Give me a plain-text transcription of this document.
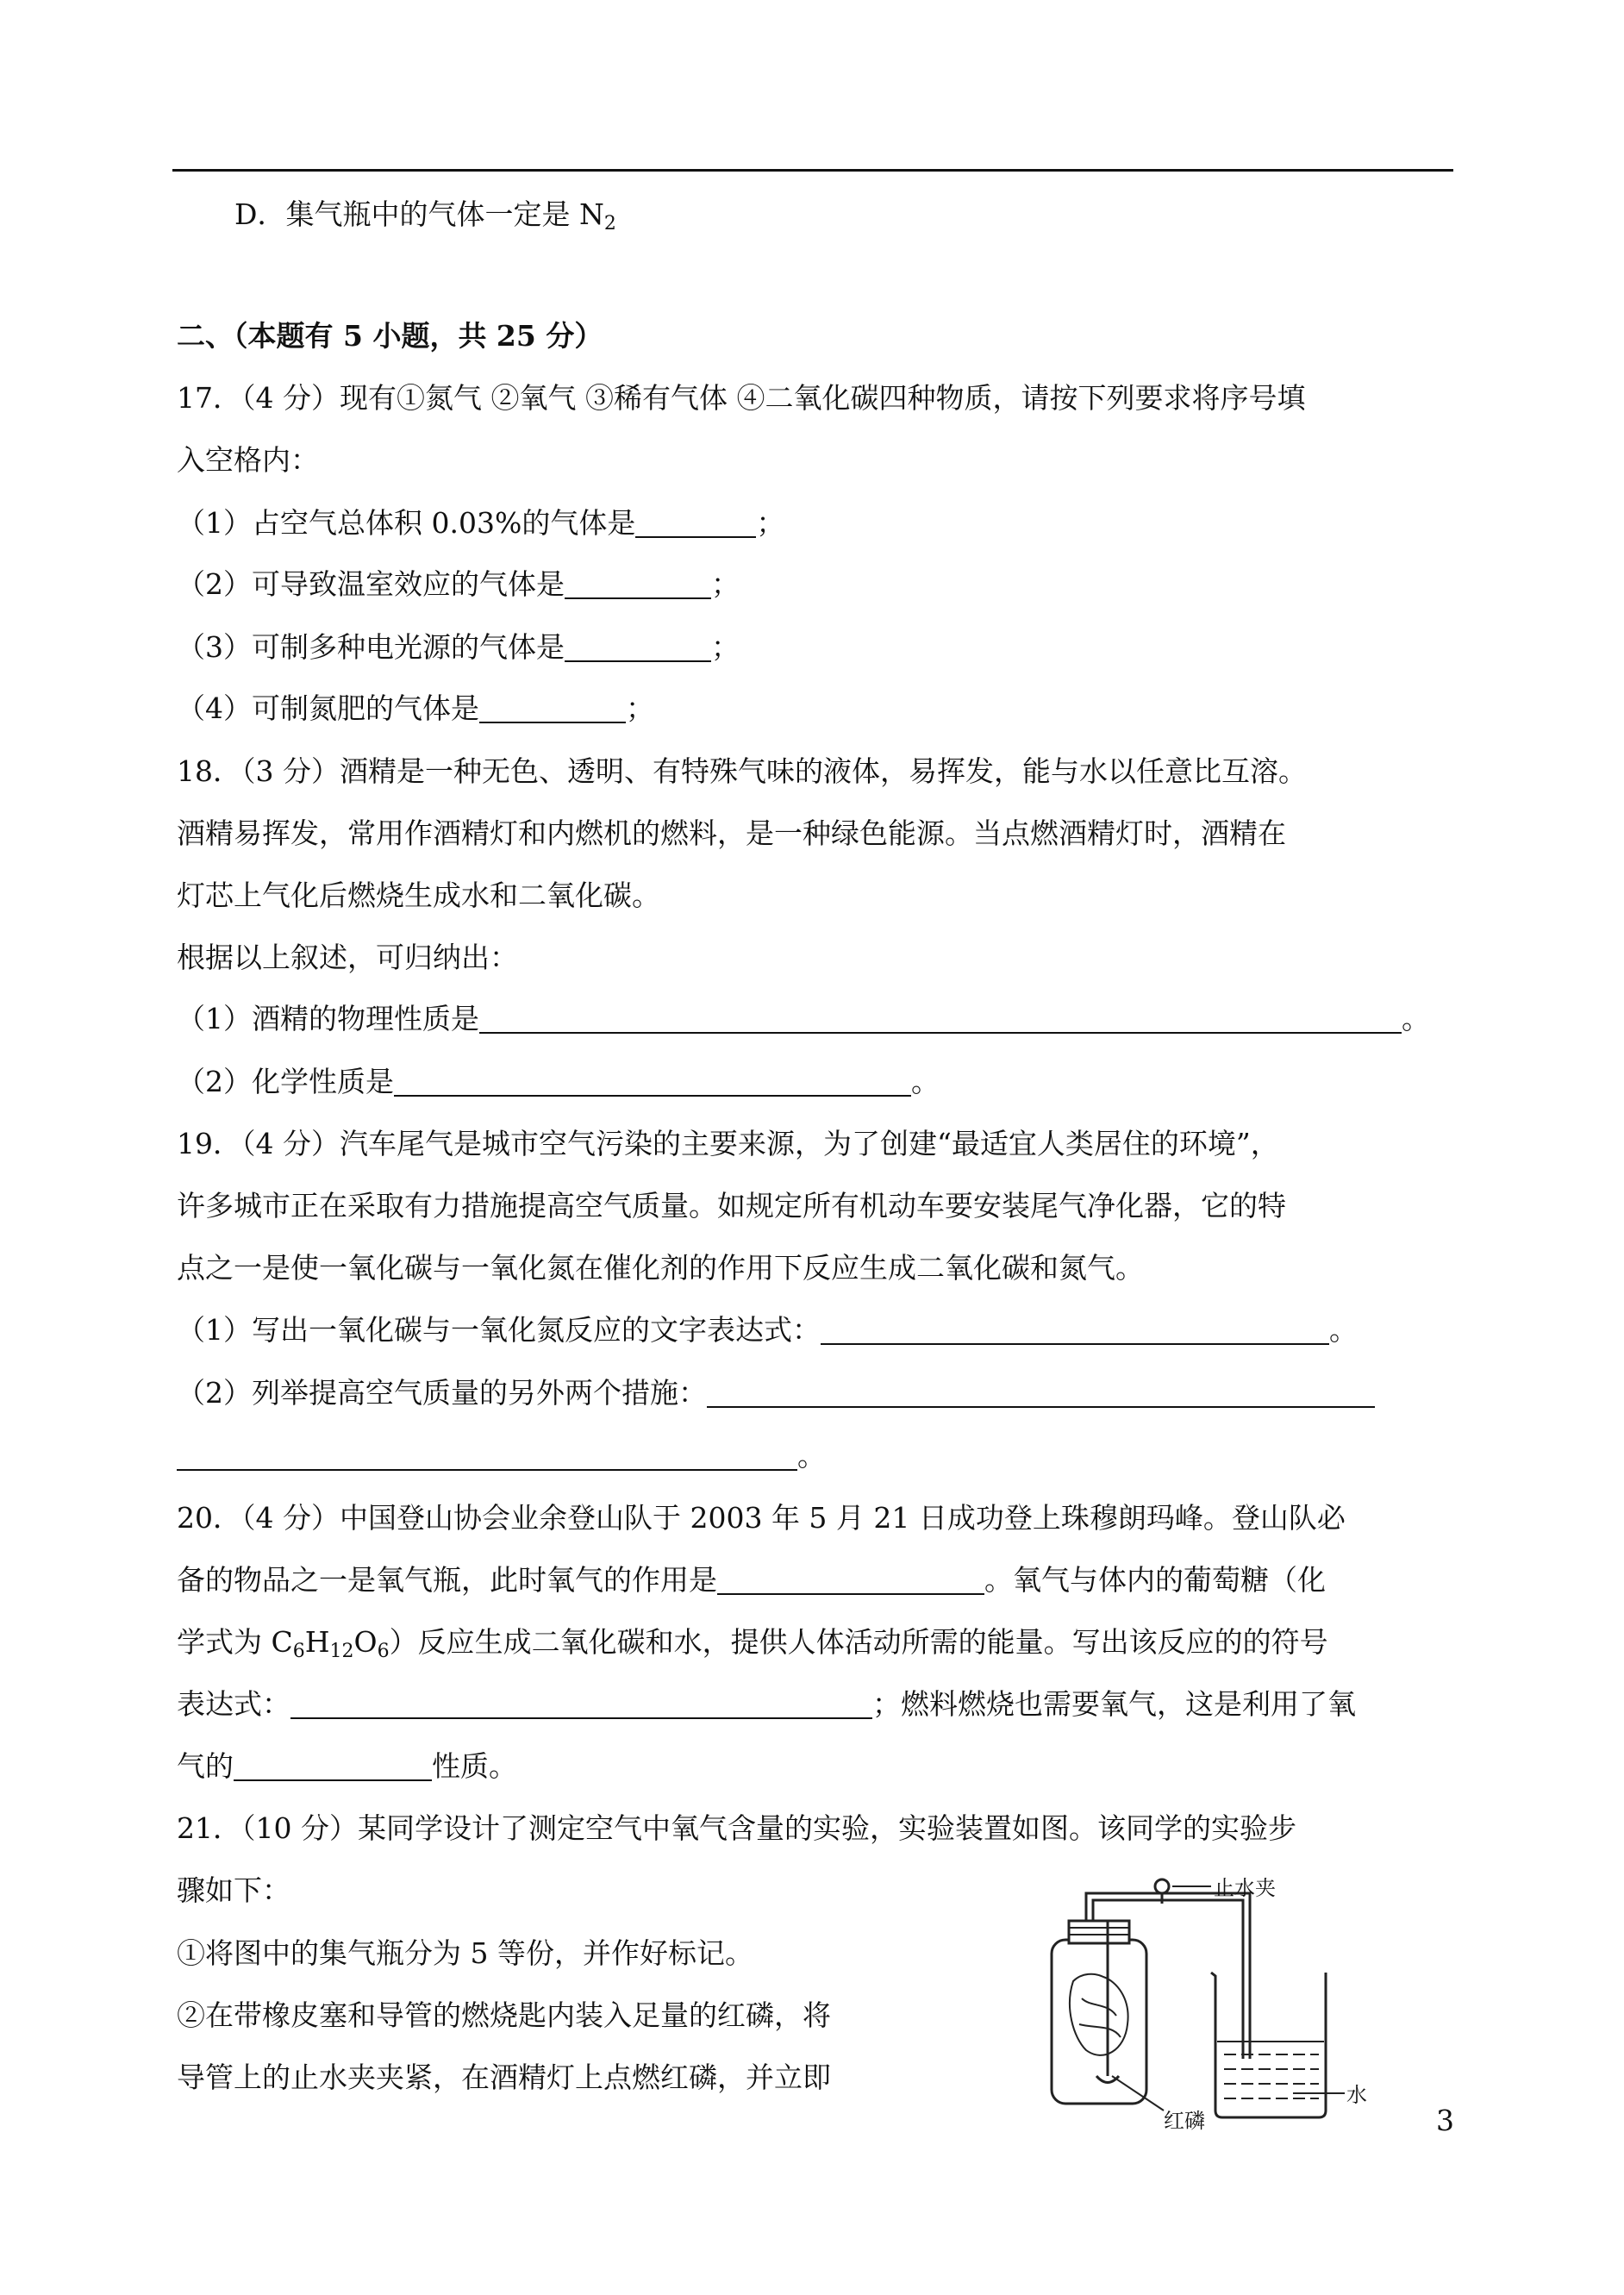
D．集气瓶中的气体一定是 $N_2$
二、（本题有 5 小题，共 25 分）
17．（4 分）现有①氮气 ②氧气 ③稀有气体 ④二氧化碳四种物质，请按下列要求将序号填
入空格内：
（1）占空气总体积 0.03%的气体是	；
（2）可导致温室效应的气体是	；
（3）可制多种电光源的气体是	；
（4）可制氮肥的气体是	；
18．（3 分）酒精是一种无色、透明、有特殊气味的液体，易挥发，能与水以任意比互溶。
酒精易挥发，常用作酒精灯和内燃机的燃料，是一种绿色能源。当点燃酒精灯时，酒精在
灯芯上气化后燃烧生成水和二氧化碳。
根据以上叙述，可归纳出：
（1）酒精的物理性质是	。
（2）化学性质是	。
19．（4 分）汽车尾气是城市空气污染的主要来源，为了创建“最适宜人类居住的环境”，
许多城市正在采取有力措施提高空气质量。如规定所有机动车要安装尾气净化器，它的特
点之一是使一氧化碳与一氧化氮在催化剂的作用下反应生成二氧化碳和氮气。
（1）写出一氧化碳与一氧化氮反应的文字表达式：	。
（2）列举提高空气质量的另外两个措施：
。
20．（4 分）中国登山协会业余登山队于 2003 年 5 月 21 日成功登上珠穆朗玛峰。登山队必
备的物品之一是氧气瓶，此时氧气的作用是	。氧气与体内的葡萄糖（化
学式为 $C_6H_{12}O_6$）反应生成二氧化碳和水，提供人体活动所需的能量。写出该反应的的符号
表达式：	；燃料燃烧也需要氧气，这是利用了氧
气的	性质。
21．（10 分）某同学设计了测定空气中氧气含量的实验，实验装置如图。该同学的实验步
骤如下：
①将图中的集气瓶分为 5 等份，并作好标记。
②在带橡皮塞和导管的燃烧匙内装入足量的红磷，将
导管上的止水夹夹紧，在酒精灯上点燃红磷，并立即
止水夹
水
红磷	3
